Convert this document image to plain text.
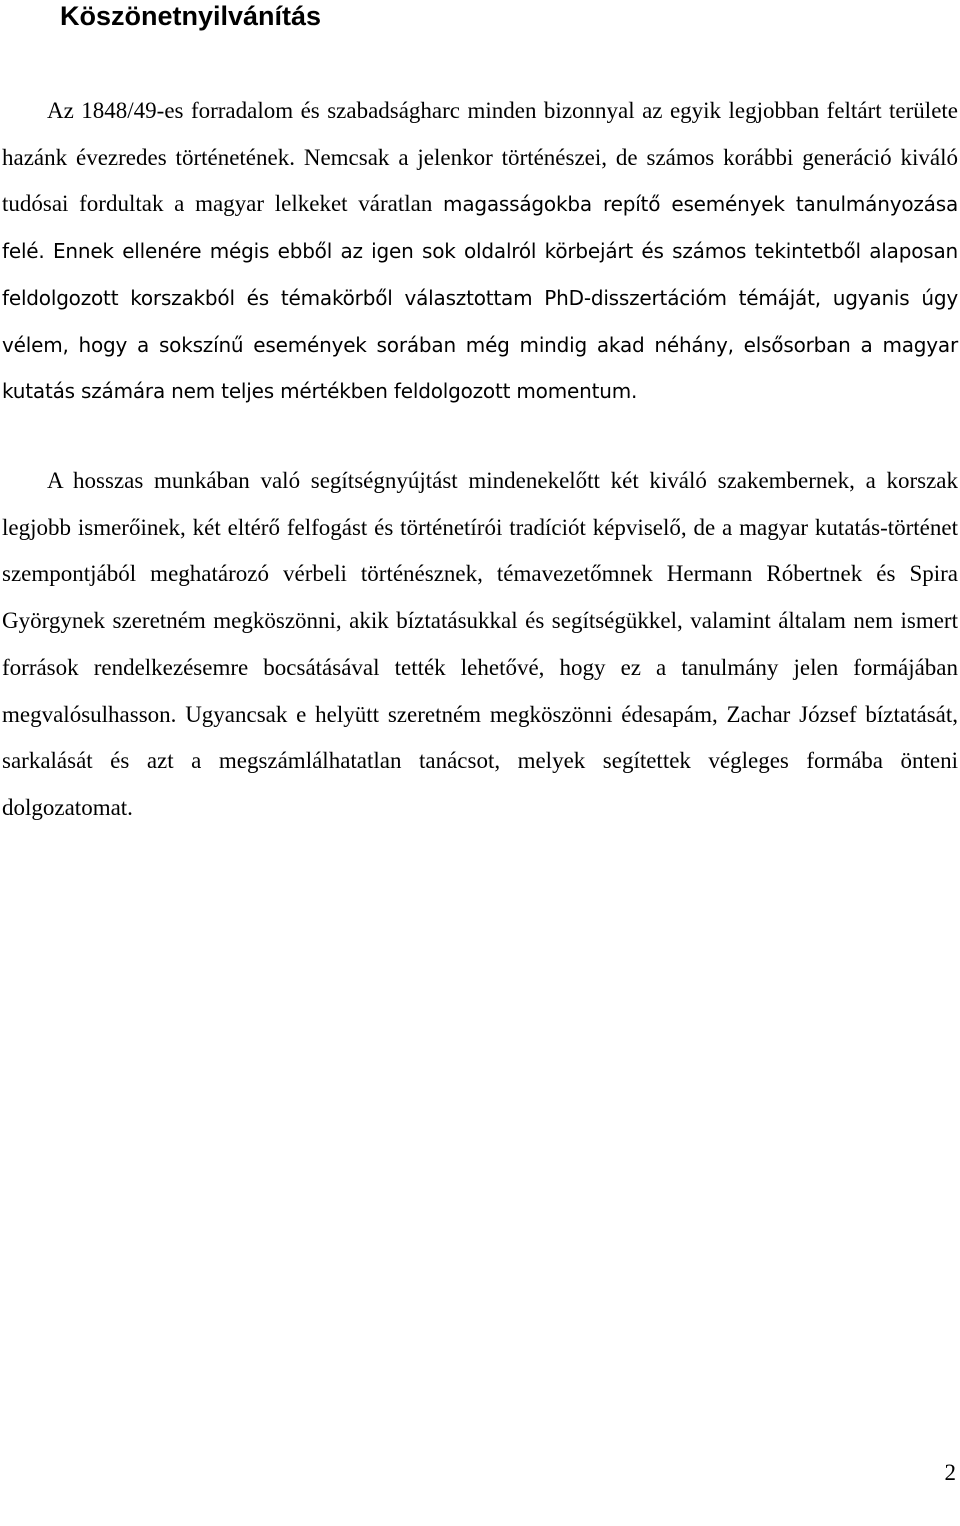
Köszönetnyilvánítás

Az 1848/49-es forradalom és szabadságharc minden bizonnyal az egyik legjobban feltárt területe hazánk évezredes történetének. Nemcsak a jelenkor történészei, de számos korábbi generáció kiváló tudósai fordultak a magyar lelkeket váratlan magasságokba repítő események tanulmányozása felé. Ennek ellenére mégis ebből az igen sok oldalról körbejárt és számos tekintetből alaposan feldolgozott korszakból és témakörből választottam PhD-disszertációm témáját, ugyanis úgy vélem, hogy a sokszínű események sorában még mindig akad néhány, elsősorban a magyar kutatás számára nem teljes mértékben feldolgozott momentum.

A hosszas munkában való segítségnyújtást mindenekelőtt két kiváló szakembernek, a korszak legjobb ismerőinek, két eltérő felfogást és történetírói tradíciót képviselő, de a magyar kutatás-történet szempontjából meghatározó vérbeli történésznek, témavezetőmnek Hermann Róbertnek és Spira Györgynek szeretném megköszönni, akik bíztatásukkal és segítségükkel, valamint általam nem ismert források rendelkezésemre bocsátásával tették lehetővé, hogy ez a tanulmány jelen formájában megvalósulhasson. Ugyancsak e helyütt szeretném megköszönni édesapám, Zachar József bíztatását, sarkalását és azt a megszámlálhatatlan tanácsot, melyek segítettek végleges formába önteni dolgozatomat.

2
